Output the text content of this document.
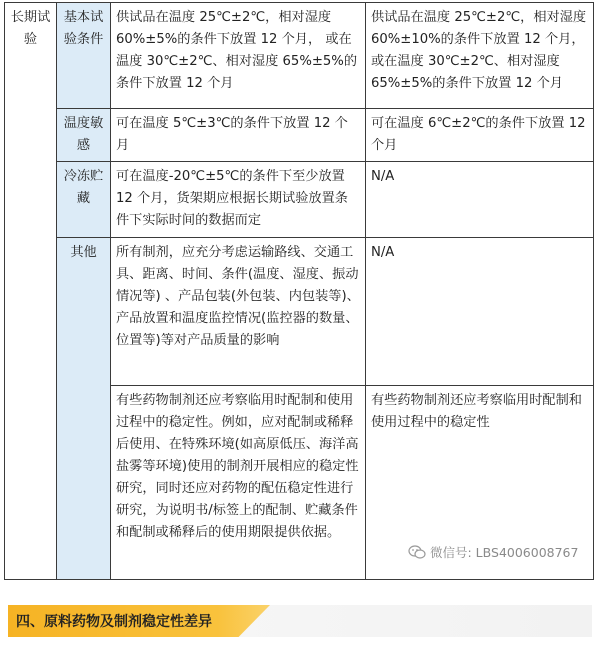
长期试验	基本试验条件	供试品在温度 25℃±2℃，相对湿度 60%±5%的条件下放置 12 个月， 或在温度 30℃±2℃、相对湿度 65%±5%的条件下放置 12 个月	供试品在温度 25℃±2℃，相对湿度 60%±10%的条件下放置 12 个月， 或在温度 30℃±2℃、相对湿度 65%±5%的条件下放置 12 个月
	温度敏感	可在温度 5℃±3℃的条件下放置 12 个月	可在温度 6℃±2℃的条件下放置 12 个月
	冷冻贮藏	可在温度-20℃±5℃的条件下至少放置 12 个月，货架期应根据长期试验放置条件下实际时间的数据而定	N/A
	其他	所有制剂，应充分考虑运输路线、交通工具、距离、时间、条件(温度、湿度、振动情况等) 、产品包装(外包装、内包装等)、产品放置和温度监控情况(监控器的数量、位置等)等对产品质量的影响	N/A
		有些药物制剂还应考察临用时配制和使用过程中的稳定性。例如，应对配制或稀释后使用、在特殊环境(如高原低压、海洋高盐雾等环境)使用的制剂开展相应的稳定性研究，同时还应对药物的配伍稳定性进行研究，为说明书/标签上的配制、贮藏条件和配制或稀释后的使用期限提供依据。	有些药物制剂还应考察临用时配制和使用过程中的稳定性
微信号: LBS4006008767
四、原料药物及制剂稳定性差异
